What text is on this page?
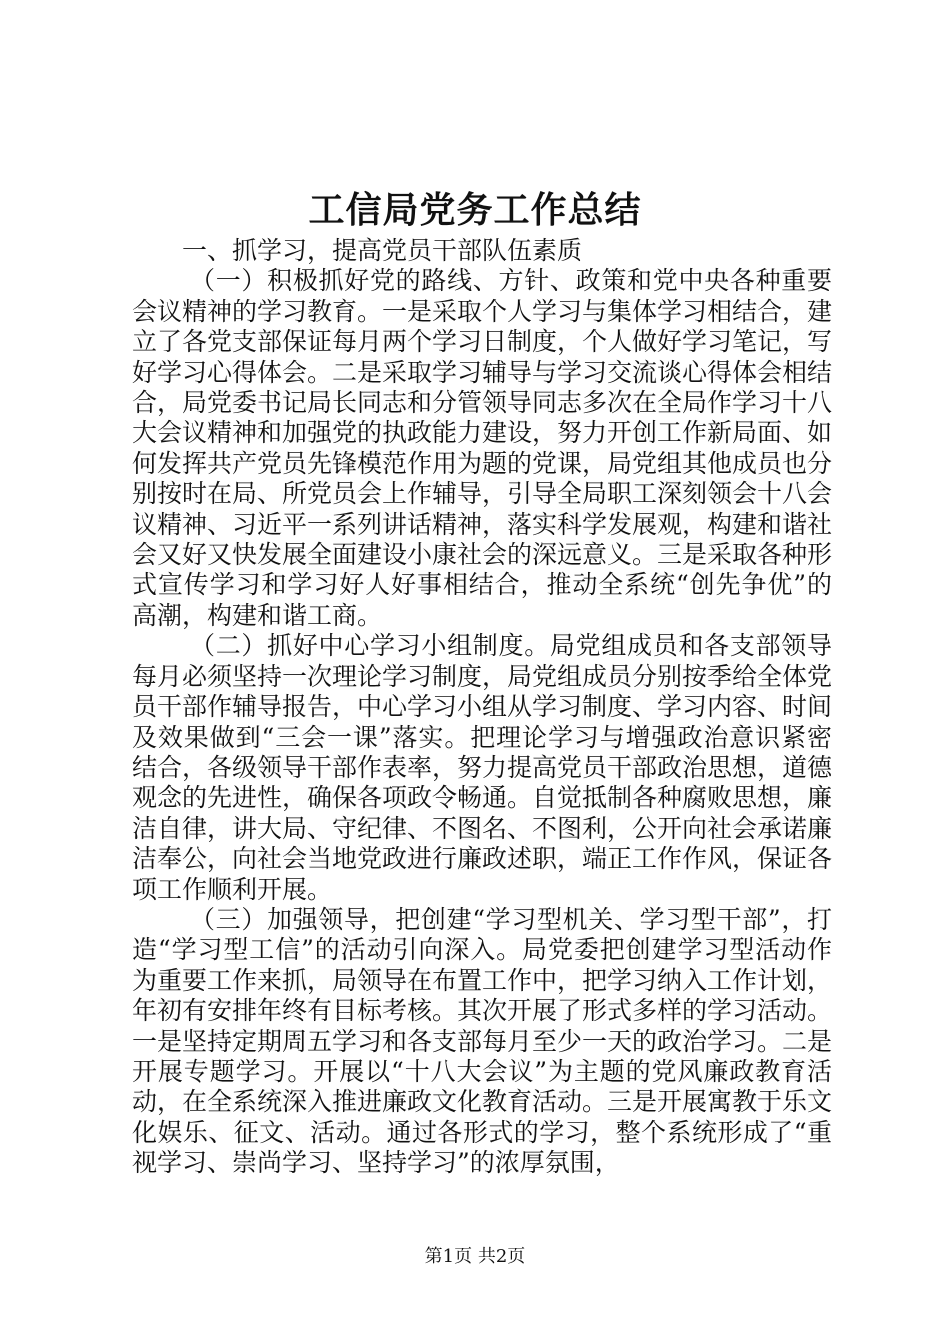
工信局党务工作总结

一、抓学习，提高党员干部队伍素质

（一）积极抓好党的路线、方针、政策和党中央各种重要会议精神的学习教育。一是采取个人学习与集体学习相结合，建立了各党支部保证每月两个学习日制度，个人做好学习笔记，写好学习心得体会。二是采取学习辅导与学习交流谈心得体会相结合，局党委书记局长同志和分管领导同志多次在全局作学习十八大会议精神和加强党的执政能力建设，努力开创工作新局面、如何发挥共产党员先锋模范作用为题的党课，局党组其他成员也分别按时在局、所党员会上作辅导，引导全局职工深刻领会十八会议精神、习近平一系列讲话精神，落实科学发展观，构建和谐社会又好又快发展全面建设小康社会的深远意义。三是采取各种形式宣传学习和学习好人好事相结合，推动全系统“创先争优”的高潮，构建和谐工商。

（二）抓好中心学习小组制度。局党组成员和各支部领导每月必须坚持一次理论学习制度，局党组成员分别按季给全体党员干部作辅导报告，中心学习小组从学习制度、学习内容、时间及效果做到“三会一课”落实。把理论学习与增强政治意识紧密结合，各级领导干部作表率，努力提高党员干部政治思想，道德观念的先进性，确保各项政令畅通。自觉抵制各种腐败思想，廉洁自律，讲大局、守纪律、不图名、不图利，公开向社会承诺廉洁奉公，向社会当地党政进行廉政述职，端正工作作风，保证各项工作顺利开展。

（三）加强领导，把创建“学习型机关、学习型干部”，打造“学习型工信”的活动引向深入。局党委把创建学习型活动作为重要工作来抓，局领导在布置工作中，把学习纳入工作计划，年初有安排年终有目标考核。其次开展了形式多样的学习活动。一是坚持定期周五学习和各支部每月至少一天的政治学习。二是开展专题学习。开展以“十八大会议”为主题的党风廉政教育活动，在全系统深入推进廉政文化教育活动。三是开展寓教于乐文化娱乐、征文、活动。通过各形式的学习，整个系统形成了“重视学习、崇尚学习、坚持学习”的浓厚氛围，

第1页 共2页
